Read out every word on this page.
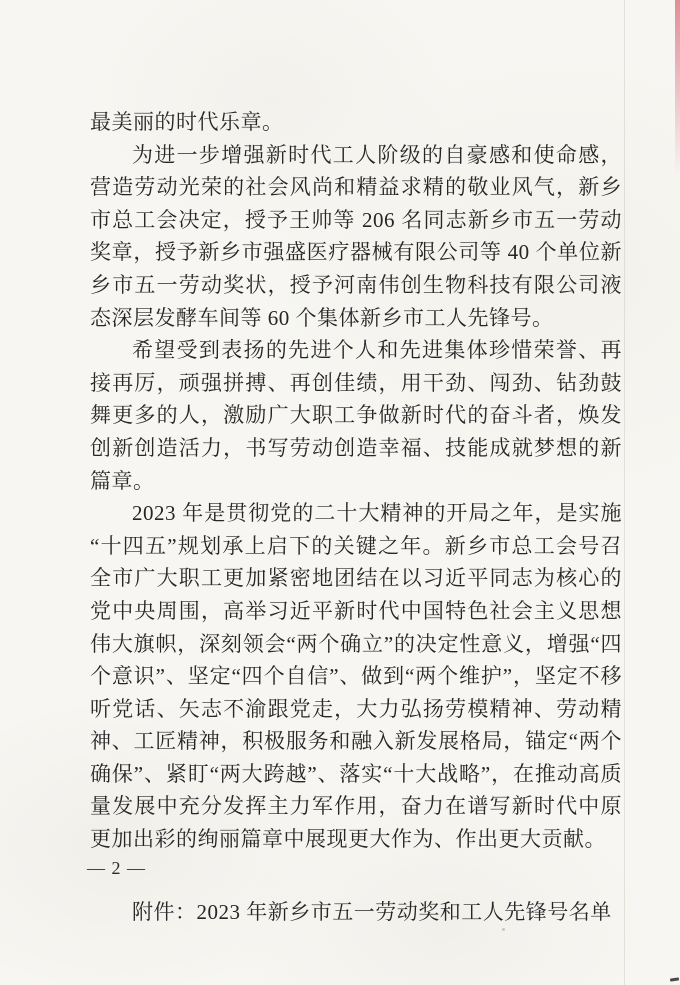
最美丽的时代乐章。

为进一步增强新时代工人阶级的自豪感和使命感，营造劳动光荣的社会风尚和精益求精的敬业风气，新乡市总工会决定，授予王帅等 206 名同志新乡市五一劳动奖章，授予新乡市强盛医疗器械有限公司等 40 个单位新乡市五一劳动奖状，授予河南伟创生物科技有限公司液态深层发酵车间等 60 个集体新乡市工人先锋号。

希望受到表扬的先进个人和先进集体珍惜荣誉、再接再厉，顽强拼搏、再创佳绩，用干劲、闯劲、钻劲鼓舞更多的人，激励广大职工争做新时代的奋斗者，焕发创新创造活力，书写劳动创造幸福、技能成就梦想的新篇章。

2023 年是贯彻党的二十大精神的开局之年，是实施“十四五”规划承上启下的关键之年。新乡市总工会号召全市广大职工更加紧密地团结在以习近平同志为核心的党中央周围，高举习近平新时代中国特色社会主义思想伟大旗帜，深刻领会“两个确立”的决定性意义，增强“四个意识”、坚定“四个自信”、做到“两个维护”，坚定不移听党话、矢志不渝跟党走，大力弘扬劳模精神、劳动精神、工匠精神，积极服务和融入新发展格局，锚定“两个确保”、紧盯“两大跨越”、落实“十大战略”，在推动高质量发展中充分发挥主力军作用，奋力在谱写新时代中原更加出彩的绚丽篇章中展现更大作为、作出更大贡献。

附件：2023 年新乡市五一劳动奖和工人先锋号名单

— 2 —
